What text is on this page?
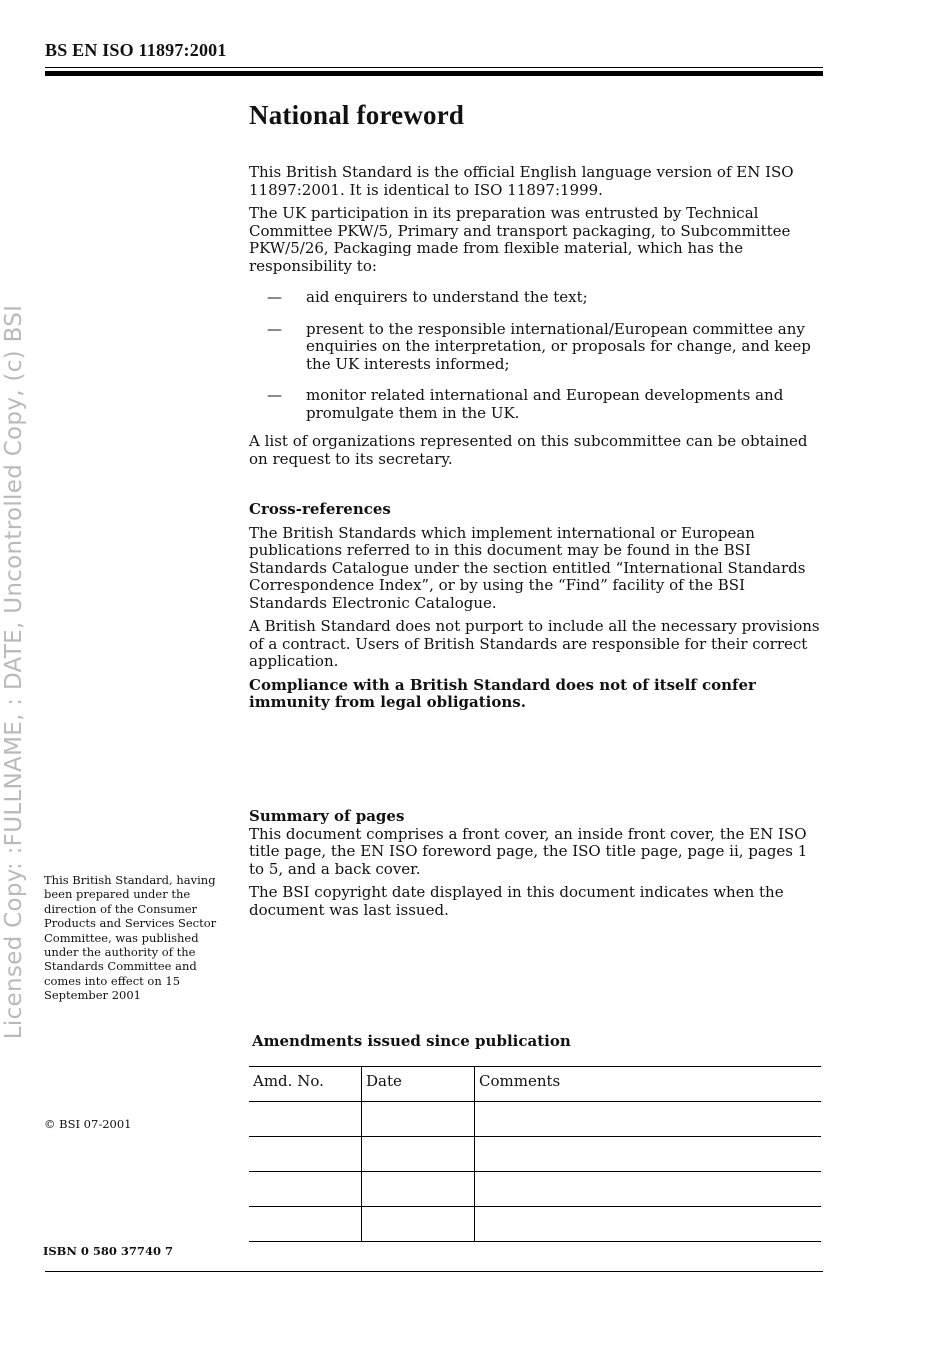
BS EN ISO 11897:2001
Licensed Copy: :FULLNAME, : DATE, Uncontrolled Copy, (c) BSI
National foreword

This British Standard is the official English language version of EN ISO 11897:2001. It is identical to ISO 11897:1999.

The UK participation in its preparation was entrusted by Technical Committee PKW/5, Primary and transport packaging, to Subcommittee PKW/5/26, Packaging made from flexible material, which has the responsibility to:

— aid enquirers to understand the text;
— present to the responsible international/European committee any enquiries on the interpretation, or proposals for change, and keep the UK interests informed;
— monitor related international and European developments and promulgate them in the UK.

A list of organizations represented on this subcommittee can be obtained on request to its secretary.

Cross-references

The British Standards which implement international or European publications referred to in this document may be found in the BSI Standards Catalogue under the section entitled “International Standards Correspondence Index”, or by using the “Find” facility of the BSI Standards Electronic Catalogue.

A British Standard does not purport to include all the necessary provisions of a contract. Users of British Standards are responsible for their correct application.

Compliance with a British Standard does not of itself confer immunity from legal obligations.

Summary of pages

This document comprises a front cover, an inside front cover, the EN ISO title page, the EN ISO foreword page, the ISO title page, page ii, pages 1 to 5, and a back cover.

The BSI copyright date displayed in this document indicates when the document was last issued.

This British Standard, having been prepared under the direction of the Consumer Products and Services Sector Committee, was published under the authority of the Standards Committee and comes into effect on 15 September 2001
© BSI 07-2001
ISBN 0 580 37740 7
Amendments issued since publication
Amd. No.	Date	Comments
